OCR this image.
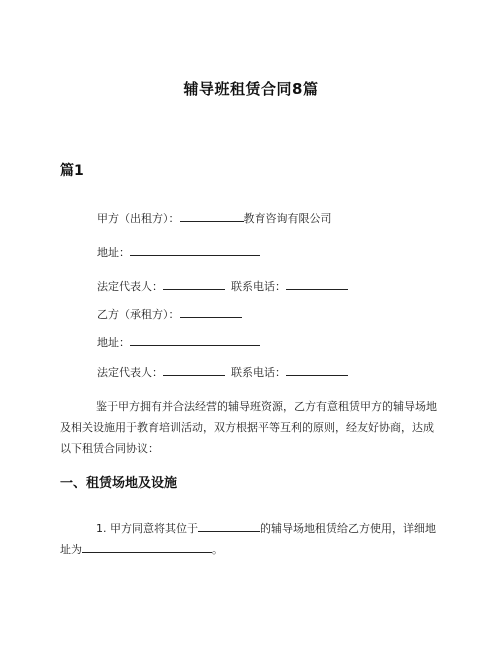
辅导班租赁合同8篇
篇1
甲方（出租方）：	教育咨询有限公司
地址：
法定代表人：	联系电话：
乙方（承租方）：
地址：
法定代表人：	联系电话：
鉴于甲方拥有并合法经营的辅导班资源，乙方有意租赁甲方的辅导场地及相关设施用于教育培训活动，双方根据平等互利的原则，经友好协商，达成以下租赁合同协议：
一、租赁场地及设施
1. 甲方同意将其位于	的辅导场地租赁给乙方使用，详细地址为	。
